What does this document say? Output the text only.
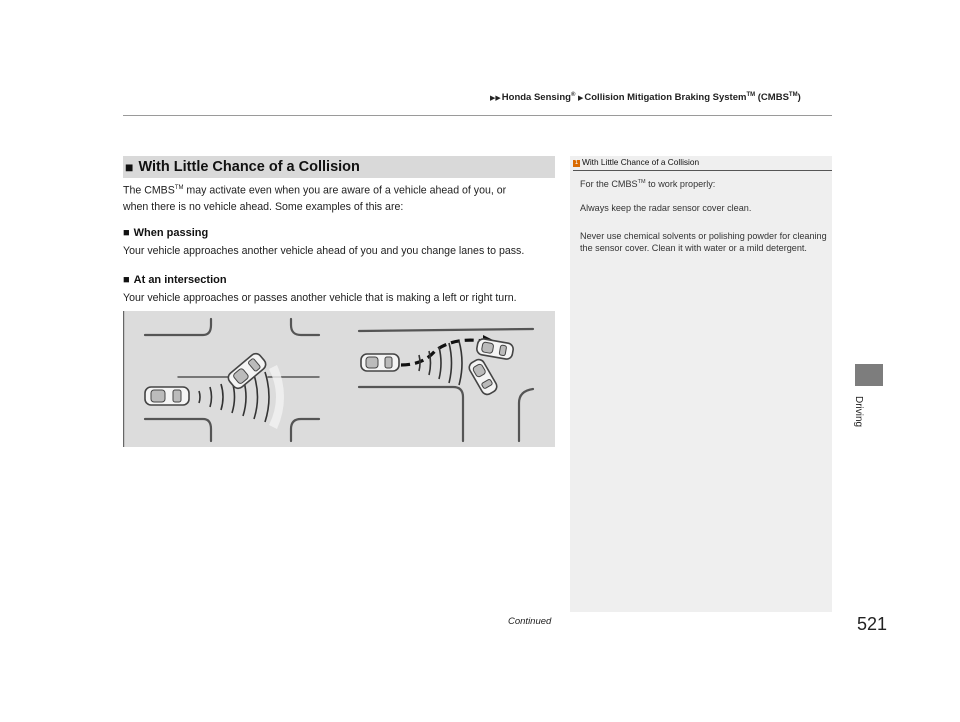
▶▶Honda Sensing® ▶Collision Mitigation Braking System™ (CMBS™)
■ With Little Chance of a Collision
The CMBS™ may activate even when you are aware of a vehicle ahead of you, or
when there is no vehicle ahead. Some examples of this are:
■ When passing
Your vehicle approaches another vehicle ahead of you and you change lanes to pass.
■ At an intersection
Your vehicle approaches or passes another vehicle that is making a left or right turn.
1 With Little Chance of a Collision
For the CMBS™ to work properly:
Always keep the radar sensor cover clean.
Never use chemical solvents or polishing powder for cleaning the sensor cover. Clean it with water or a mild detergent.
Continued	521
Driving
